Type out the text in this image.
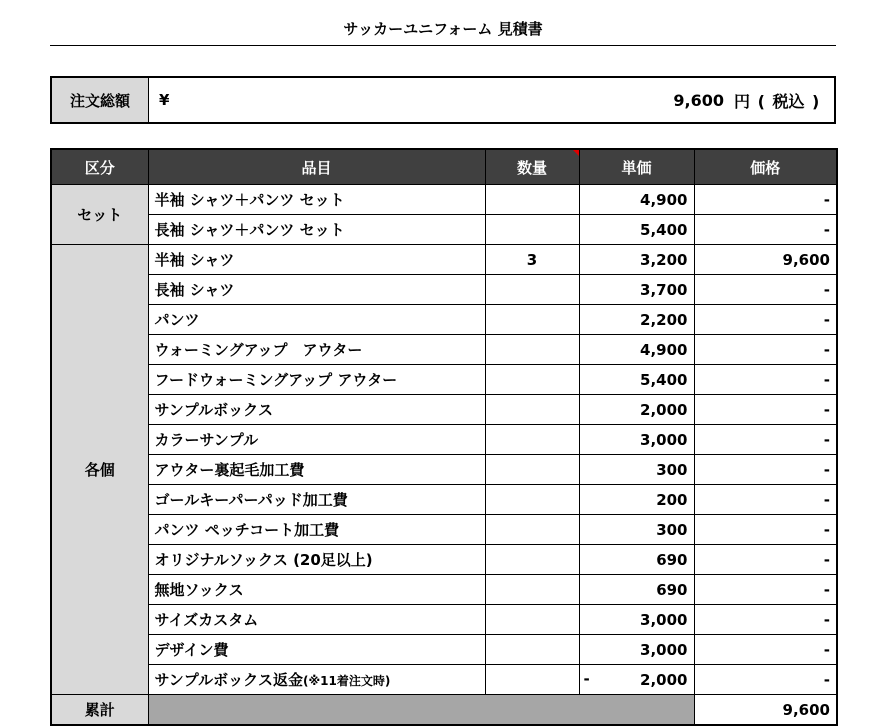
サッカーユニフォーム 見積書
注文総額	¥	9,600 円 ( 税込 )
区分	品目	数量	単価	価格
セット	半袖 シャツ＋パンツ セット		4,900	-
	長袖 シャツ＋パンツ セット		5,400	-
各個	半袖 シャツ	3	3,200	9,600
	長袖 シャツ		3,700	-
	パンツ		2,200	-
	ウォーミングアップ　アウター		4,900	-
	フードウォーミングアップ アウター		5,400	-
	サンプルボックス		2,000	-
	カラーサンプル		3,000	-
	アウター裏起毛加工費		300	-
	ゴールキーパーパッド加工費		200	-
	パンツ ペッチコート加工費		300	-
	オリジナルソックス (20足以上)		690	-
	無地ソックス		690	-
	サイズカスタム		3,000	-
	デザイン費		3,000	-
	サンプルボックス返金(※11着注文時)		- 2,000	-
累計				9,600
